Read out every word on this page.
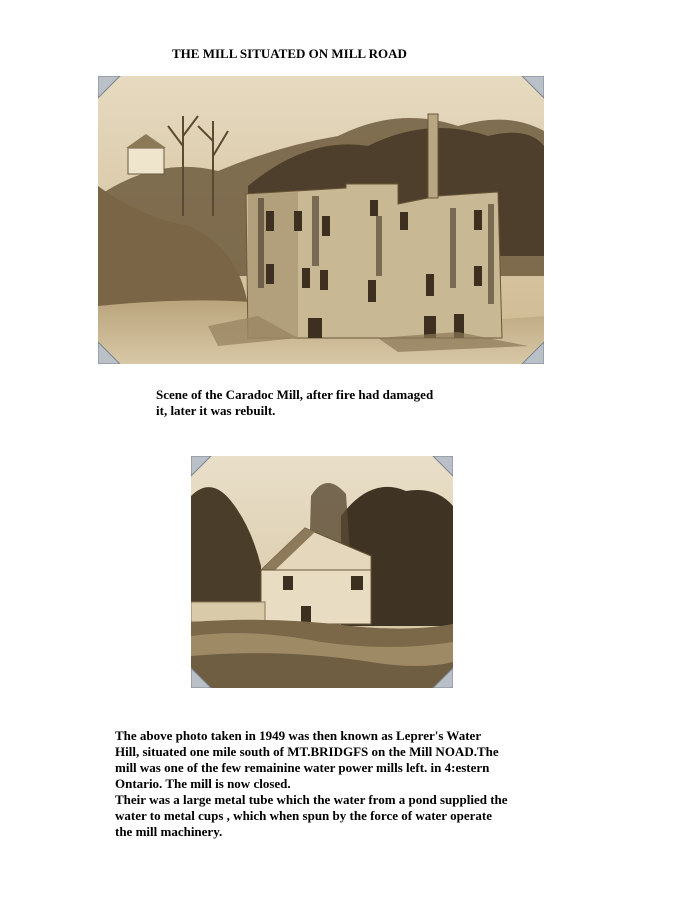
THE MILL SITUATED ON MILL ROAD
Scene of the Caradoc Mill, after fire had damaged
it, later it was rebuilt.

The above photo taken in 1949 was then known as Leprer's Water

Hill, situated one mile south of MT.BRIDGFS on the Mill NOAD.The

mill was one of the few remainine water power mills left. in 4:estern

Ontario. The mill is now closed.

Their was a large metal tube which the water from a pond supplied the

water to metal cups , which when spun by the force of water operate

the mill machinery.
